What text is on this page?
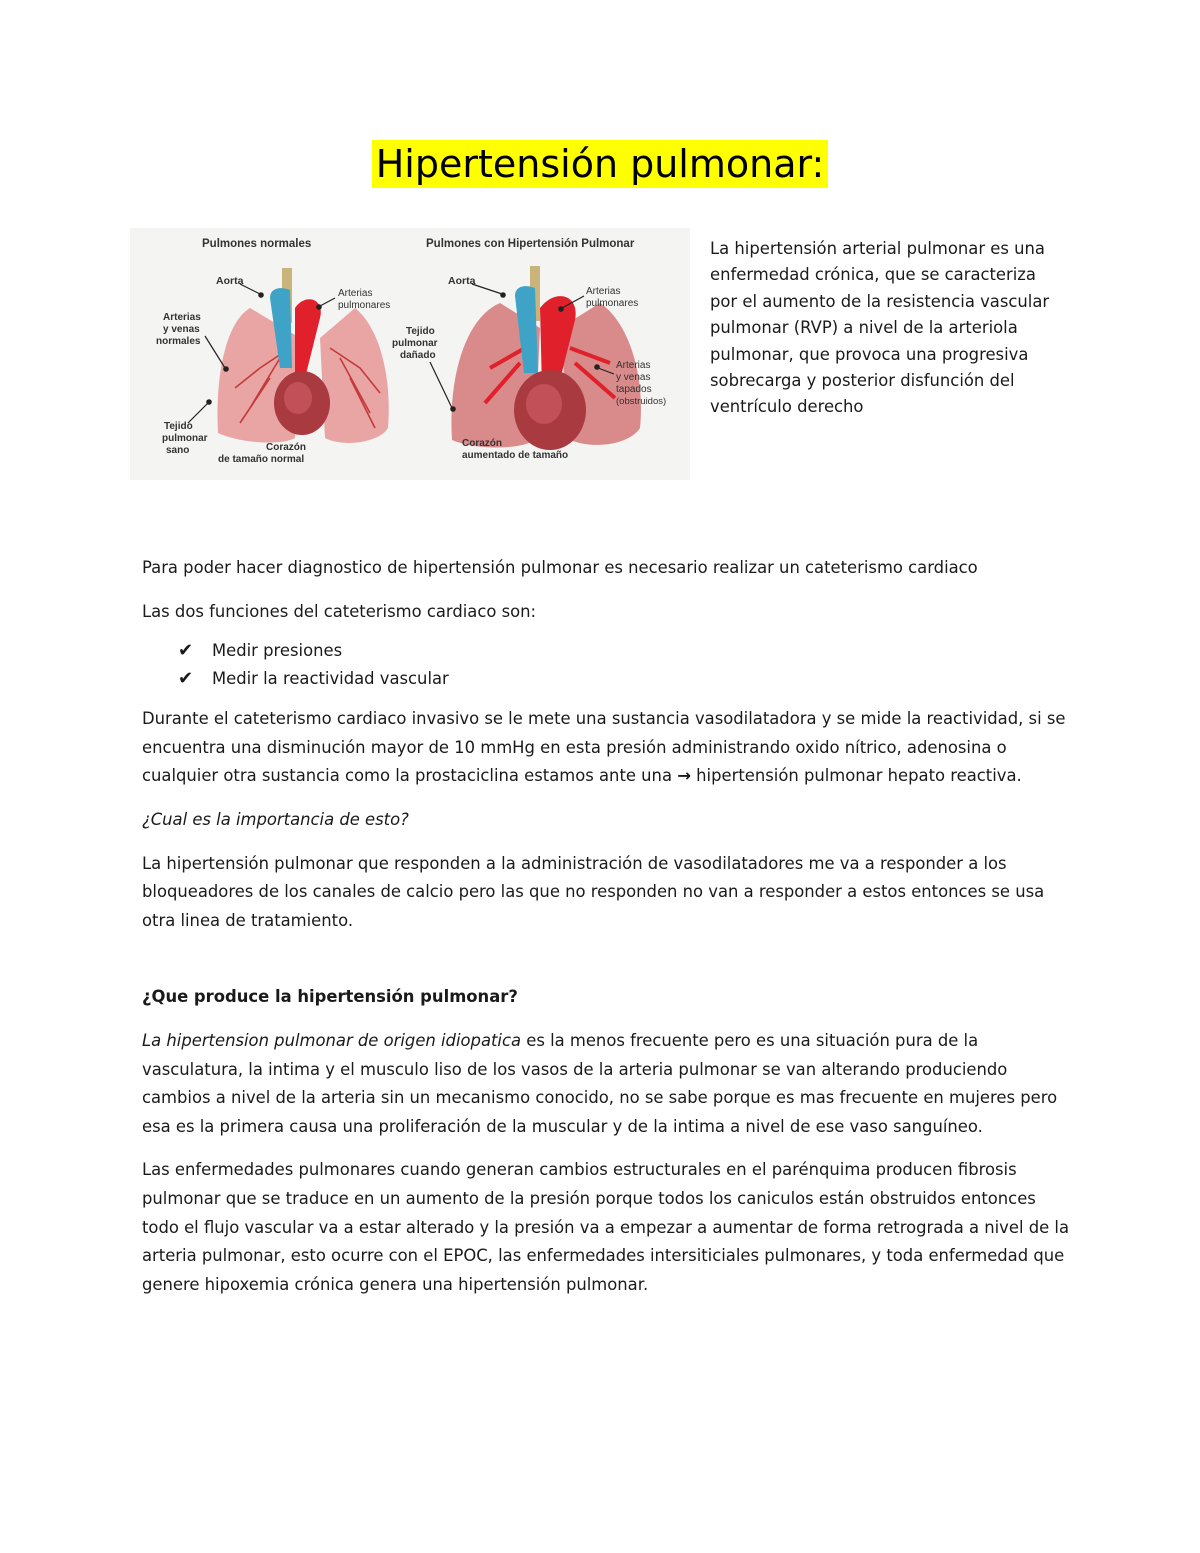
Hipertensión pulmonar:
Pulmones normales
Aorta
Arterias
pulmonares
Arterias
y venas
normales
Tejido
pulmonar
sano	Corazón
de tamaño normal
Pulmones con Hipertensión Pulmonar
Aorta
Arterias
pulmonares
Tejido
pulmonar
dañado
Arterias
y venas
tapados
(obstruidos)
Corazón
aumentado de tamaño
La hipertensión arterial pulmonar es una enfermedad crónica, que se caracteriza por el aumento de la resistencia vascular pulmonar (RVP) a nivel de la arteriola pulmonar, que provoca una progresiva sobrecarga y posterior disfunción del ventrículo derecho

Para poder hacer diagnostico de hipertensión pulmonar es necesario realizar un cateterismo cardiaco

Las dos funciones del cateterismo cardiaco son:

✔ Medir presiones
✔ Medir la reactividad vascular

Durante el cateterismo cardiaco invasivo se le mete una sustancia vasodilatadora y se mide la reactividad, si se encuentra una disminución mayor de 10 mmHg en esta presión administrando oxido nítrico, adenosina o cualquier otra sustancia como la prostaciclina estamos ante una → hipertensión pulmonar hepato reactiva.

¿Cual es la importancia de esto?

La hipertensión pulmonar que responden a la administración de vasodilatadores me va a responder a los bloqueadores de los canales de calcio pero las que no responden no van a responder a estos entonces se usa otra linea de tratamiento.

¿Que produce la hipertensión pulmonar?

La hipertension pulmonar de origen idiopatica es la menos frecuente pero es una situación pura de la vasculatura, la intima y el musculo liso de los vasos de la arteria pulmonar se van alterando produciendo cambios a nivel de la arteria sin un mecanismo conocido, no se sabe porque es mas frecuente en mujeres pero esa es la primera causa una proliferación de la muscular y de la intima a nivel de ese vaso sanguíneo.

Las enfermedades pulmonares cuando generan cambios estructurales en el parénquima producen fibrosis pulmonar que se traduce en un aumento de la presión porque todos los caniculos están obstruidos entonces todo el flujo vascular va a estar alterado y la presión va a empezar a aumentar de forma retrograda a nivel de la arteria pulmonar, esto ocurre con el EPOC, las enfermedades intersiticiales pulmonares, y toda enfermedad que genere hipoxemia crónica genera una hipertensión pulmonar.
